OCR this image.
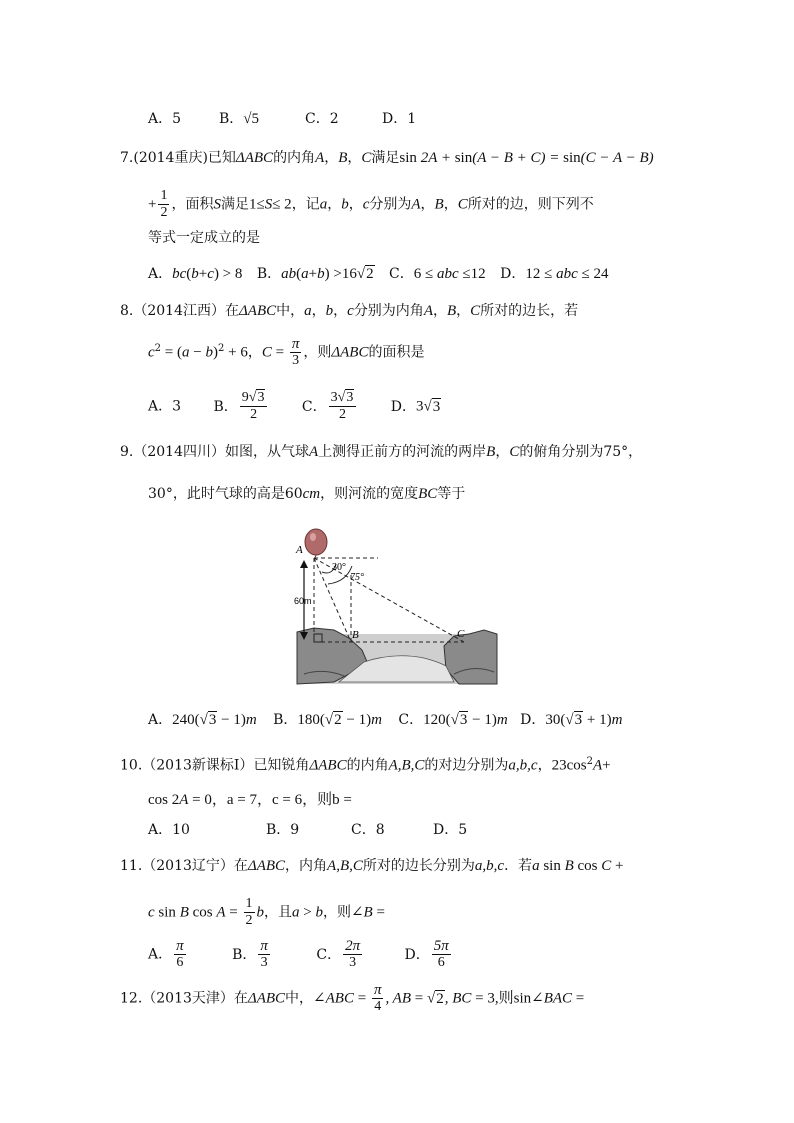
A．5	B．√5	C．2	D．1
7.(2014重庆)已知ΔABC的内角A，B，C满足sin 2A + sin(A − B + C) = sin(C − A − B)
+ $\frac{1}{2}$ ，面积S满足1≤S≤ 2，记a，b，c分别为A，B，C所对的边，则下列不
等式一定成立的是
A．bc(b+c) > 8 B．ab(a+b) >16√2 C．6 ≤ abc ≤12 D．12 ≤ abc ≤ 24
8.（2014江西）在ΔABC中，a，b，c分别为内角A，B，C所对的边长，若
$c^2 = (a - b)^2 + 6$，$C = \frac{\pi}{3}$ ，则ΔABC的面积是
A．3 B． $\frac{9√3}{2}$ C． $\frac{3√3}{2}$ D．3√3
9.（2014四川）如图，从气球A上测得正前方的河流的两岸B，C的俯角分别为75°，
30°，此时气球的高是60cm，则河流的宽度BC等于
A
B	C
30°
75°
60m
A．240(√3 − 1)m B．180(√2 − 1)m C．120(√3 − 1)m D．30(√3 + 1)m
10.（2013新课标Ⅰ）已知锐角ΔABC的内角A,B,C的对边分别为a,b,c，$23\cos^2A+$
cos 2A = 0，a = 7，c = 6，则b =
A．10	B．9	C．8	D．5
11.（2013辽宁）在ΔABC，内角A,B,C所对的边长分别为a,b,c．若a sin B cos C +
c sin B $\cos A = \frac{1}{2}$ b，且a > b，则∠B =
A． $\frac{\pi}{6}$	B． $\frac{\pi}{3}$	C． $\frac{2\pi}{3}$	D． $\frac{5\pi}{6}$
12.（2013天津）在ΔABC中，∠ABC = $\frac{\pi}{4}$ , AB = √2, BC = 3,则sin∠BAC =
